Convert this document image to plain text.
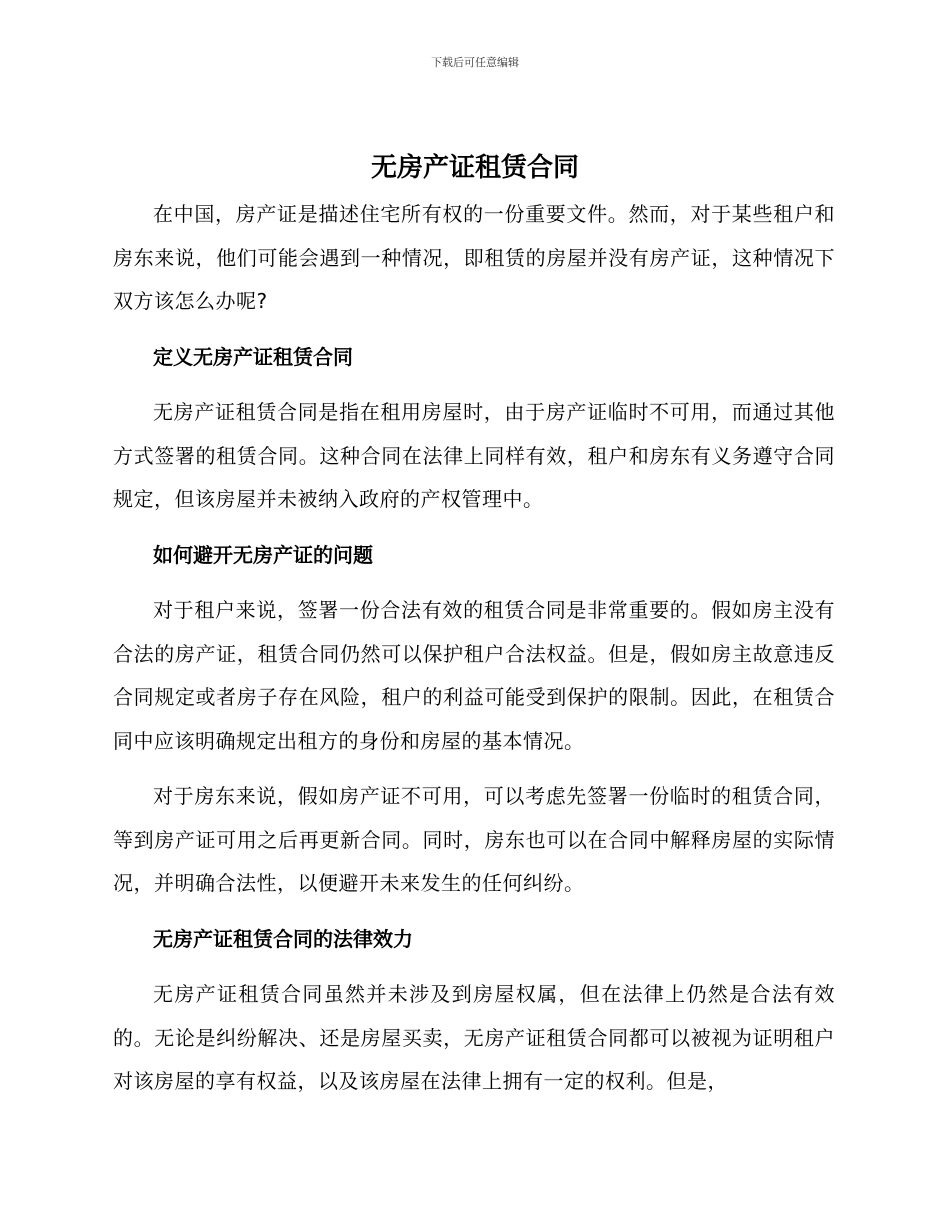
下载后可任意编辑
无房产证租赁合同

在中国，房产证是描述住宅所有权的一份重要文件。然而，对于某些租户和房东来说，他们可能会遇到一种情况，即租赁的房屋并没有房产证，这种情况下双方该怎么办呢?

定义无房产证租赁合同

无房产证租赁合同是指在租用房屋时，由于房产证临时不可用，而通过其他方式签署的租赁合同。这种合同在法律上同样有效，租户和房东有义务遵守合同规定，但该房屋并未被纳入政府的产权管理中。

如何避开无房产证的问题

对于租户来说，签署一份合法有效的租赁合同是非常重要的。假如房主没有合法的房产证，租赁合同仍然可以保护租户合法权益。但是，假如房主故意违反合同规定或者房子存在风险，租户的利益可能受到保护的限制。因此，在租赁合同中应该明确规定出租方的身份和房屋的基本情况。

对于房东来说，假如房产证不可用，可以考虑先签署一份临时的租赁合同，等到房产证可用之后再更新合同。同时，房东也可以在合同中解释房屋的实际情况，并明确合法性，以便避开未来发生的任何纠纷。

无房产证租赁合同的法律效力

无房产证租赁合同虽然并未涉及到房屋权属，但在法律上仍然是合法有效的。无论是纠纷解决、还是房屋买卖，无房产证租赁合同都可以被视为证明租户对该房屋的享有权益，以及该房屋在法律上拥有一定的权利。但是，
